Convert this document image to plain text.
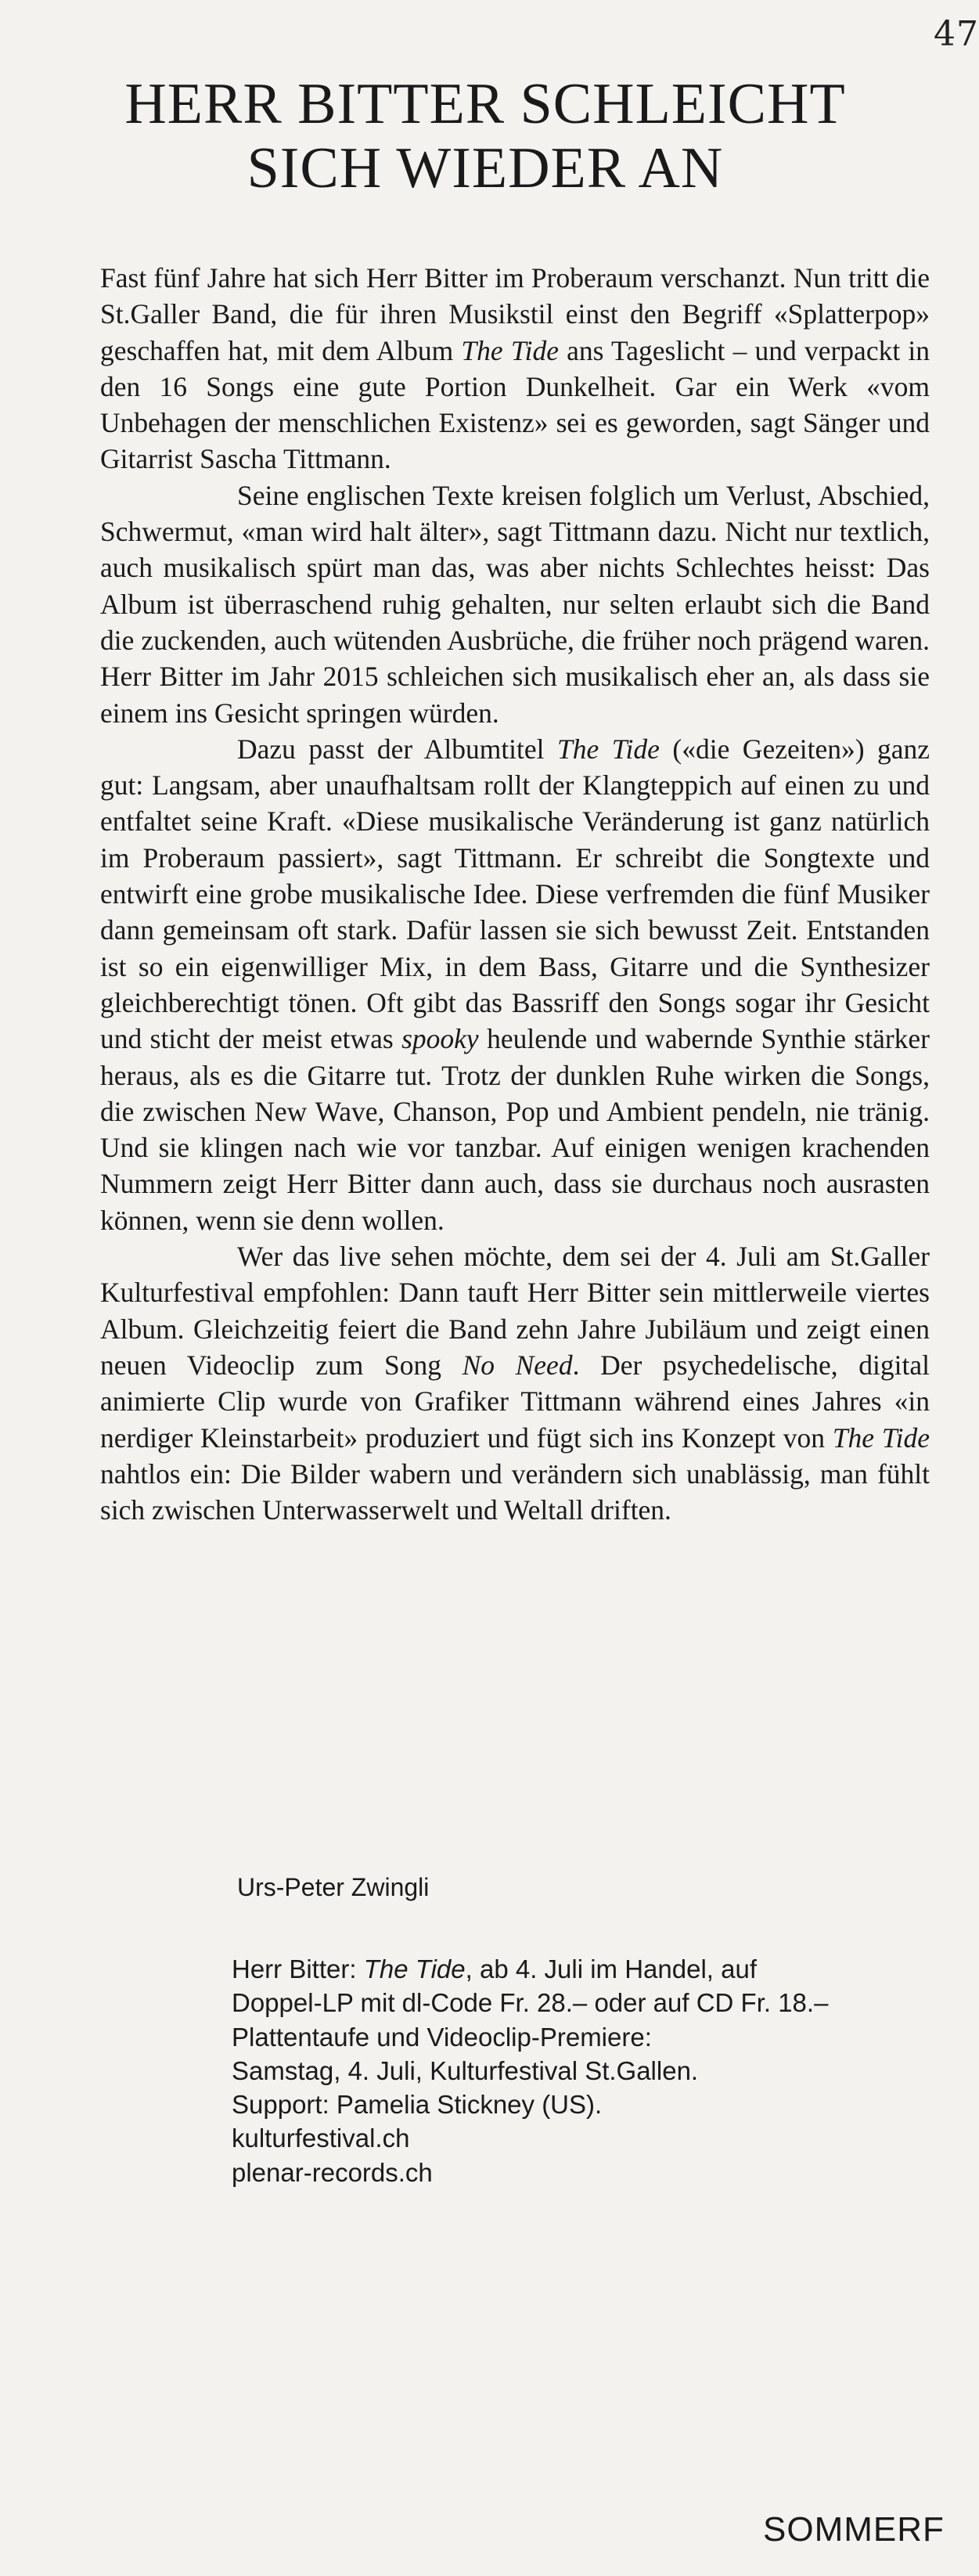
47
HERR BITTER SCHLEICHT
SICH WIEDER AN

Fast fünf Jahre hat sich Herr Bitter im Proberaum verschanzt. Nun tritt die St.Galler Band, die für ihren Musikstil einst den Begriff «Splatterpop» geschaffen hat, mit dem Album The Tide ans Tageslicht – und verpackt in den 16 Songs eine gute Portion Dunkelheit. Gar ein Werk «vom Unbehagen der menschlichen Existenz» sei es geworden, sagt Sänger und Gitarrist Sascha Tittmann.

Seine englischen Texte kreisen folglich um Verlust, Abschied, Schwermut, «man wird halt älter», sagt Tittmann dazu. Nicht nur textlich, auch musikalisch spürt man das, was aber nichts Schlechtes heisst: Das Album ist überraschend ruhig gehalten, nur selten erlaubt sich die Band die zuckenden, auch wütenden Ausbrüche, die früher noch prägend waren. Herr Bitter im Jahr 2015 schleichen sich musikalisch eher an, als dass sie einem ins Gesicht springen würden.

Dazu passt der Albumtitel The Tide («die Gezeiten») ganz gut: Langsam, aber unaufhaltsam rollt der Klangteppich auf einen zu und entfaltet seine Kraft. «Diese musikalische Veränderung ist ganz natürlich im Proberaum passiert», sagt Tittmann. Er schreibt die Songtexte und entwirft eine grobe musikalische Idee. Diese verfremden die fünf Musiker dann gemeinsam oft stark. Dafür lassen sie sich bewusst Zeit. Entstanden ist so ein eigenwilliger Mix, in dem Bass, Gitarre und die Synthesizer gleichberechtigt tönen. Oft gibt das Bassriff den Songs sogar ihr Gesicht und sticht der meist etwas spooky heulende und wabernde Synthie stärker heraus, als es die Gitarre tut. Trotz der dunklen Ruhe wirken die Songs, die zwischen New Wave, Chanson, Pop und Ambient pendeln, nie tränig. Und sie klingen nach wie vor tanzbar. Auf einigen wenigen krachenden Nummern zeigt Herr Bitter dann auch, dass sie durchaus noch ausrasten können, wenn sie denn wollen.

Wer das live sehen möchte, dem sei der 4. Juli am St.Galler Kulturfestival empfohlen: Dann tauft Herr Bitter sein mittlerweile viertes Album. Gleichzeitig feiert die Band zehn Jahre Jubiläum und zeigt einen neuen Videoclip zum Song No Need. Der psychedelische, digital animierte Clip wurde von Grafiker Tittmann während eines Jahres «in nerdiger Kleinstarbeit» produziert und fügt sich ins Konzept von The Tide nahtlos ein: Die Bilder wabern und verändern sich unablässig, man fühlt sich zwischen Unterwasserwelt und Weltall driften.

Urs-Peter Zwingli
Herr Bitter: The Tide, ab 4. Juli im Handel, auf
Doppel-LP mit dl-Code Fr. 28.– oder auf CD Fr. 18.–
Plattentaufe und Videoclip-Premiere:
Samstag, 4. Juli, Kulturfestival St.Gallen.
Support: Pamelia Stickney (US).
kulturfestival.ch
plenar-records.ch
SOMMERF
